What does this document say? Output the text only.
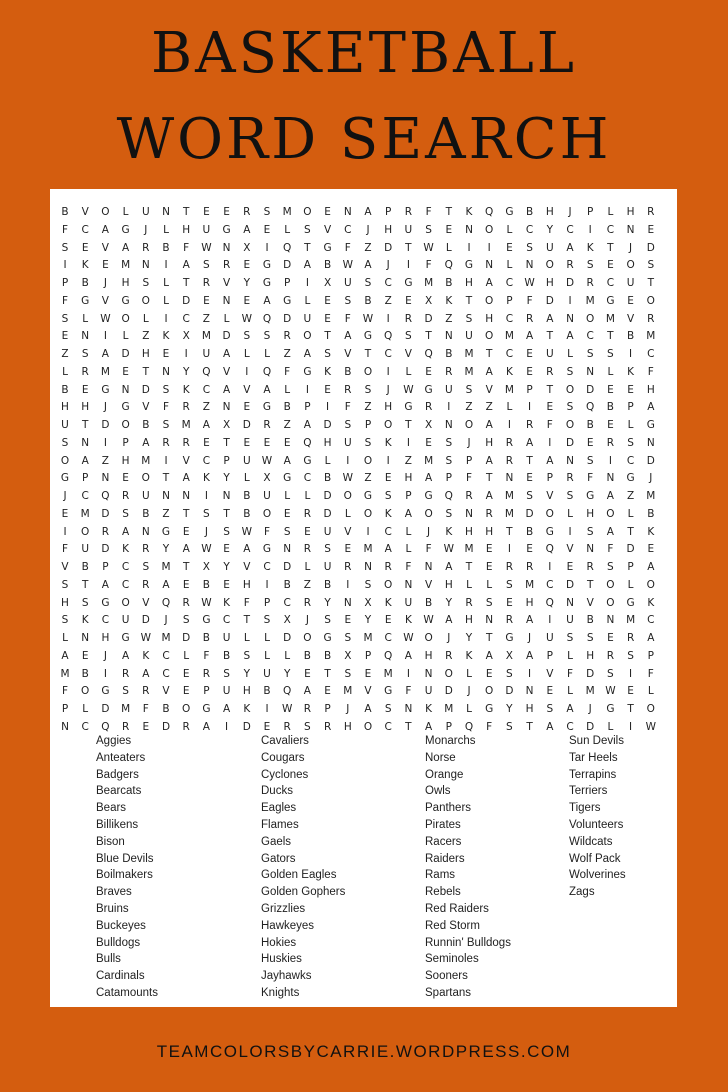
BASKETBALL
WORD SEARCH
B	V	O	L	U	N	T	E	E	R	S	M	O	E	N	A	P	R	F	T	K	Q	G	B	H	J	P	L	H	R
F	C	A	G	J	L	H	U	G	A	E	L	S	V	C	J	H	U	S	E	N	O	L	C	Y	C	I	C	N	E
S	E	V	A	R	B	F	W	N	X	I	Q	T	G	F	Z	D	T	W	L	I	I	E	S	U	A	K	T	J	D
I	K	E	M	N	I	A	S	R	E	G	D	A	B	W	A	J	I	F	Q	G	N	L	N	O	R	S	E	O	S
P	B	J	H	S	L	T	R	V	Y	G	P	I	X	U	S	C	G	M	B	H	A	C	W	H	D	R	C	U	T
F	G	V	G	O	L	D	E	N	E	A	G	L	E	S	B	Z	E	X	K	T	O	P	F	D	I	M	G	E	O
S	L	W	O	L	I	C	Z	L	W	Q	D	U	E	F	W	I	R	D	Z	S	H	C	R	A	N	O	M	V	R
E	N	I	L	Z	K	X	M	D	S	S	R	O	T	A	G	Q	S	T	N	U	O	M	A	T	A	C	T	B	M
Z	S	A	D	H	E	I	U	A	L	L	Z	A	S	V	T	C	V	Q	B	M	T	C	E	U	L	S	S	I	C
L	R	M	E	T	N	Y	Q	V	I	Q	F	G	K	B	O	I	L	E	R	M	A	K	E	R	S	N	L	K	F
B	E	G	N	D	S	K	C	A	V	A	L	I	E	R	S	J	W	G	U	S	V	M	P	T	O	D	E	E	H
H	H	J	G	V	F	R	Z	N	E	G	B	P	I	F	Z	H	G	R	I	Z	Z	L	I	E	S	Q	B	P	A
U	T	D	O	B	S	M	A	X	D	R	Z	A	D	S	P	O	T	X	N	O	A	I	R	F	O	B	E	L	G
S	N	I	P	A	R	R	E	T	E	E	E	Q	H	U	S	K	I	E	S	J	H	R	A	I	D	E	R	S	N
O	A	Z	H	M	I	V	C	P	U	W	A	G	L	I	O	I	Z	M	S	P	A	R	T	A	N	S	I	C	D
G	P	N	E	O	T	A	K	Y	L	X	G	C	B	W	Z	E	H	A	P	F	T	N	E	P	R	F	N	G	J
J	C	Q	R	U	N	N	I	N	B	U	L	L	D	O	G	S	P	G	Q	R	A	M	S	V	S	G	A	Z	M
E	M	D	S	B	Z	T	S	T	B	O	E	R	D	L	O	K	A	O	S	N	R	M	D	O	L	H	O	L	B
I	O	R	A	N	G	E	J	S	W	F	S	E	U	V	I	C	L	J	K	H	H	T	B	G	I	S	A	T	K
F	U	D	K	R	Y	A	W	E	A	G	N	R	S	E	M	A	L	F	W M	E	I	E	Q	V	N	F	D	E
V	B	P	C	S	M	T	X	Y	V	C	D	L	U	R	N	R	F	N	A	T	E	R	R	I	E	R	S	P	A
S	T	A	C	R	A	E	B	E	H	I	B	Z	B	I	S	O	N	V	H	L	L	S	M	C	D	T	O	L	O
H	S	G	O	V	Q	R	W	K	F	P	C	R	Y	N	X	K	U	B	Y	R	S	E	H	Q	N	V	O	G	K
S	K	C	U	D	J	S	G	C	T	S	X	J	S	E	Y	E	K	W	A	H	N	R	A	I	U	B	N	M	C
L	N	H	G	W M	D	B	U	L	L	D	O	G	S	M	C	W	O	J	Y	T	G	J	U	S	S	E	R	A
A	E	J	A	K	C	L	F	B	S	L	L	B	B	X	P	Q	A	H	R	K	A	X	A	P	L	H	R	S	P
M	B	I	R	A	C	E	R	S	Y	U	Y	E	T	S	E	M	I	N	O	L	E	S	I	V	F	D	S	I	F
F	O	G	S	R	V	E	P	U	H	B	Q	A	E	M	V	G	F	U	D	J	O	D	N	E	L	M W	E	L
P	L	D	M	F	B	O	G	A	K	I	W	R	P	J	A	S	N	K	M	L	G	Y	H	S	A	J	G	T	O
N	C	Q	R	E	D	R	A	I	D	E	R	S	R	H	O	C	T	A	P	Q	F	S	T	A	C	D	L	I	W
Aggies
Anteaters
Badgers
Bearcats
Bears
Billikens
Bison
Blue Devils
Boilmakers
Braves
Bruins
Buckeyes
Bulldogs
Bulls
Cardinals
Catamounts
Cavaliers
Cougars
Cyclones
Ducks
Eagles
Flames
Gaels
Gators
Golden Eagles
Golden Gophers
Grizzlies
Hawkeyes
Hokies
Huskies
Jayhawks
Knights
Monarchs
Norse
Orange
Owls
Panthers
Pirates
Racers
Raiders
Rams
Rebels
Red Raiders
Red Storm
Runnin' Bulldogs
Seminoles
Sooners
Spartans
Sun Devils
Tar Heels
Terrapins
Terriers
Tigers
Volunteers
Wildcats
Wolf Pack
Wolverines
Zags
TEAMCOLORSBYCARRIE.WORDPRESS.COM
